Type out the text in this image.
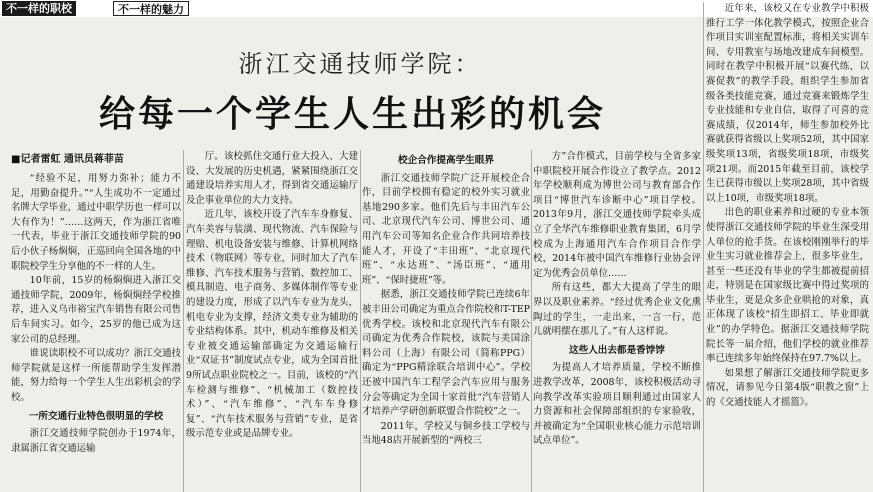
不一样的职校	不一样的魅力
浙江交通技师学院：
给每一个学生人生出彩的机会
■记者雷虹 通讯员蒋菲苗

“经验不足，用努力弥补；能力不足，用勤奋提升。”“人生成功不一定通过名牌大学毕业，通过中职学历也一样可以大有作为！”……这两天，作为浙江省唯一代表，毕业于浙江交通技师学院的90后小伙子杨焖焖，正巡回向全国各地的中职院校学生分享他的不一样的人生。

10年前，15岁的杨焖焖进入浙江交通技师学院，2009年，杨焖焖经学校推荐，进入义乌市裕宝汽车销售有限公司售后车间实习。如今，25岁的他已成为这家公司的总经理。

谁说读职校不可以成功？浙江交通技师学院就是这样一所能帮助学生发挥潜能，努力给每一个学生人生出彩机会的学校。

一所交通行业特色很明显的学校

浙江交通技师学院创办于1974年，隶属浙江省交通运输

厅。该校抓住交通行业大投入、大建设、大发展的历史机遇，紧紧围绕浙江交通建设培养实用人才，得到省交通运输厅及企事业单位的大力支持。

近几年，该校开设了汽车车身修复、汽车美容与装潢、现代物流、汽车保险与理赔、机电设备安装与维修、计算机网络技术（物联网）等专业，同时加大了汽车维修、汽车技术服务与营销、数控加工、模具制造、电子商务、多媒体制作等专业的建设力度，形成了以汽车专业为龙头，机电专业为支撑，经济文类专业为辅助的专业结构体系。其中，机动车维修及相关专业被交通运输部确定为交通运输行业“双证书”制度试点专业，成为全国首批9所试点职业院校之一。目前，该校的“汽车检测与维修”、“机械加工（数控技术）”、“汽车维修”、“汽车车身修复”、“汽车技术服务与营销”专业，是省级示范专业或是品牌专业。

校企合作提高学生眼界

浙江交通技师学院广泛开展校企合作，目前学校拥有稳定的校外实习就业基地290多家。他们先后与丰田汽车公司、北京现代汽车公司、博世公司、通用汽车公司等知名企业合作共同培养技能人才，开设了“丰田班”、“北京现代班”、“永达班”、“汤臣班”、“通用班”、“保时捷班”等。

据悉，浙江交通技师学院已连续6年被丰田公司确定为重点合作院校和T-TEP优秀学校。该校和北京现代汽车有限公司确定为优秀合作院校，该院与美国涂料公司（上海）有限公司（简称PPG）确定为“PPG精涂联合培训中心”。学校还被中国汽车工程学会汽车应用与服务分会等确定为全国十家首批“汽车营销人才培养产学研创新联盟合作院校”之一。

2011年，学校又与铜乡技工学校与当地48店开展新型的“两校三

方”合作模式，目前学校与全省多家中职院校开展合作设立了教学点。2012年学校顺利成为博世公司与教育部合作项目“博世汽车诊断中心”项目学校。2013年9月，浙江交通技师学院牵头成立了全华汽车维修职业教育集团，6月学校成为上海通用汽车合作项目合作学校，2014年被中国汽车维修行业协会评定为优秀会员单位……

所有这些，都大大提高了学生的眼界以及职业素养。“经过优秀企业文化熏陶过的学生，一走出来，一言一行，范儿就明摆在那儿了。”有人这样说。

这些人出去都是香饽饽

为提高人才培养质量，学校不断推进教学改革，2008年，该校积极活动寻向教学改革实验项目顺利通过由国家人力资源和社会保障部组织的专家验收，并被确定为“全国职业核心能力示范培训试点单位”。

近年来，该校又在专业教学中积极推行工学一体化教学模式，按照企业合作项目实训室配置标准，将相关实训车间、专用教室与场地改建成车间模型。同时在教学中积极开展“以赛代练，以赛促教”的教学手段，组织学生参加省级各类技能竞赛，通过竞赛来锻炼学生专业技能和专业自信，取得了可喜的竞赛成绩，仅2014年，师生参加校外比赛就获得省级以上奖项52项，其中国家级奖项13项，省级奖项18项，市级奖项21项。而2015年截至目前，该校学生已获得市级以上奖项28项，其中省级以上10项，市级奖项18项。

出色的职业素养和过硬的专业本领使得浙江交通技师学院的毕业生深受用人单位的抢手货。在该校刚刚举行的毕业生实习就业推荐会上，很多毕业生，甚至一些还没有毕业的学生都被提前招走，特别是在国家级比赛中得过奖项的毕业生，更是众多企业哄抢的对象，真正体现了该校“招生即招工、毕业即就业”的办学特色。据浙江交通技师学院院长等一届介绍，他们学校的就业推荐率已连续多年始终保持在97.7%以上。

如果想了解浙江交通技师学院更多情况，请参见今日第4版“职教之窗”上的《交通技能人才摇篮》。
